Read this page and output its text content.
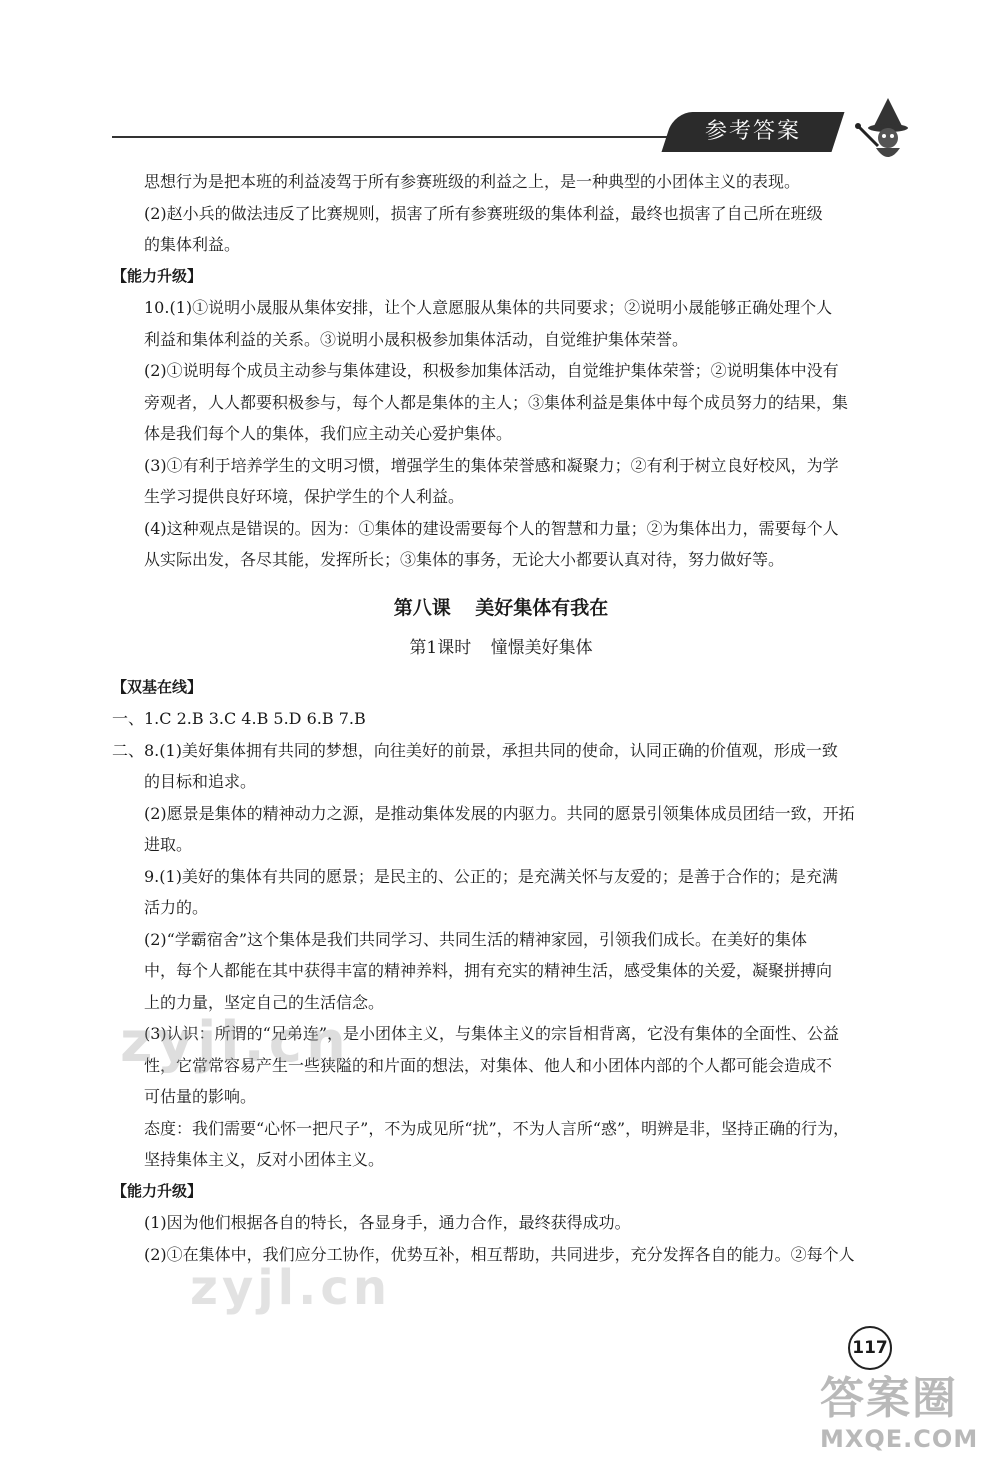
参考答案
思想行为是把本班的利益凌驾于所有参赛班级的利益之上，是一种典型的小团体主义的表现。
(2)赵小兵的做法违反了比赛规则，损害了所有参赛班级的集体利益，最终也损害了自己所在班级
的集体利益。
【能力升级】
10.(1)①说明小晟服从集体安排，让个人意愿服从集体的共同要求；②说明小晟能够正确处理个人
利益和集体利益的关系。③说明小晟积极参加集体活动，自觉维护集体荣誉。
(2)①说明每个成员主动参与集体建设，积极参加集体活动，自觉维护集体荣誉；②说明集体中没有
旁观者，人人都要积极参与，每个人都是集体的主人；③集体利益是集体中每个成员努力的结果，集
体是我们每个人的集体，我们应主动关心爱护集体。
(3)①有利于培养学生的文明习惯，增强学生的集体荣誉感和凝聚力；②有利于树立良好校风，为学
生学习提供良好环境，保护学生的个人利益。
(4)这种观点是错误的。因为：①集体的建设需要每个人的智慧和力量；②为集体出力，需要每个人
从实际出发，各尽其能，发挥所长；③集体的事务，无论大小都要认真对待，努力做好等。
第八课 美好集体有我在
第1课时 憧憬美好集体
【双基在线】
一、1.C 2.B 3.C 4.B 5.D 6.B 7.B
二、8.(1)美好集体拥有共同的梦想，向往美好的前景，承担共同的使命，认同正确的价值观，形成一致
的目标和追求。
(2)愿景是集体的精神动力之源，是推动集体发展的内驱力。共同的愿景引领集体成员团结一致，开拓
进取。
9.(1)美好的集体有共同的愿景；是民主的、公正的；是充满关怀与友爱的；是善于合作的；是充满
活力的。
(2)“学霸宿舍”这个集体是我们共同学习、共同生活的精神家园，引领我们成长。在美好的集体
中，每个人都能在其中获得丰富的精神养料，拥有充实的精神生活，感受集体的关爱，凝聚拼搏向
上的力量，坚定自己的生活信念。
(3)认识：所谓的“兄弟连”，是小团体主义，与集体主义的宗旨相背离，它没有集体的全面性、公益
性，它常常容易产生一些狭隘的和片面的想法，对集体、他人和小团体内部的个人都可能会造成不
可估量的影响。
态度：我们需要“心怀一把尺子”，不为成见所“扰”，不为人言所“惑”，明辨是非，坚持正确的行为，
坚持集体主义，反对小团体主义。
【能力升级】
(1)因为他们根据各自的特长，各显身手，通力合作，最终获得成功。
(2)①在集体中，我们应分工协作，优势互补，相互帮助，共同进步，充分发挥各自的能力。②每个人
zyjl.cn
zyjl.cn
117
答案圈
MXQE.COM
